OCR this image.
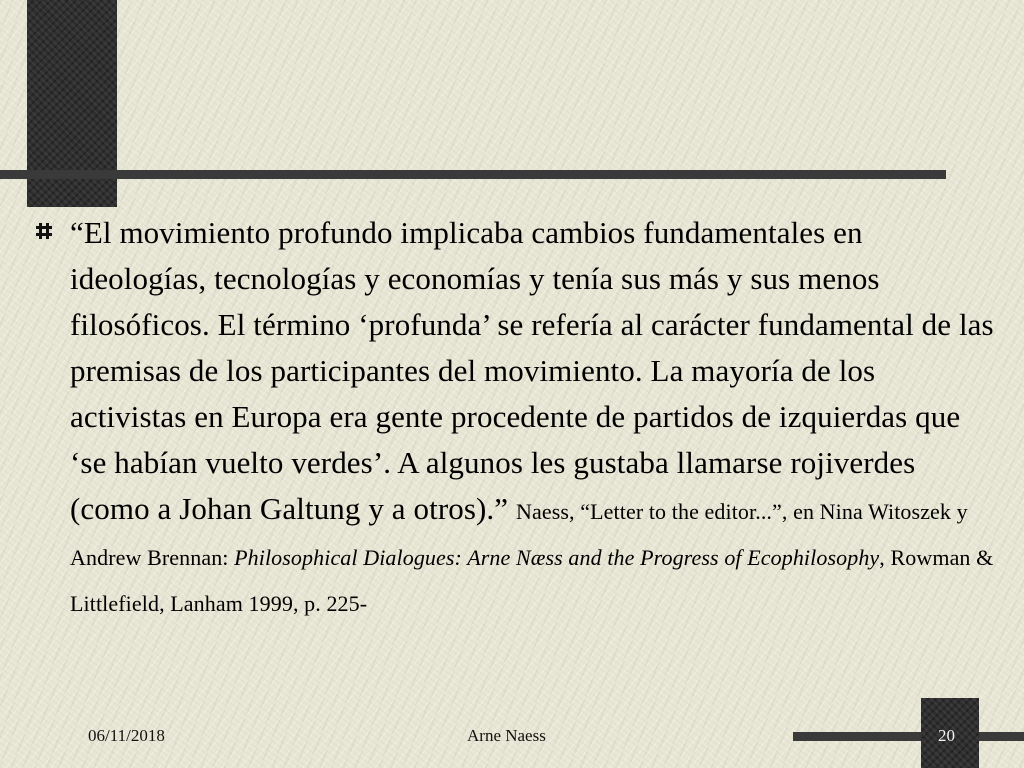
“El movimiento profundo implicaba cambios fundamentales en ideologías, tecnologías y economías y tenía sus más y sus menos filosóficos. El término ‘profunda’ se refería al carácter fundamental de las premisas de los participantes del movimiento. La mayoría de los activistas en Europa era gente procedente de partidos de izquierdas que ‘se habían vuelto verdes’. A algunos les gustaba llamarse rojiverdes (como a Johan Galtung y a otros).” Naess, “Letter to the editor...”, en Nina Witoszek y Andrew Brennan: Philosophical Dialogues: Arne Næss and the Progress of Ecophilosophy, Rowman & Littlefield, Lanham 1999, p. 225-

06/11/2018	Arne Naess	20
